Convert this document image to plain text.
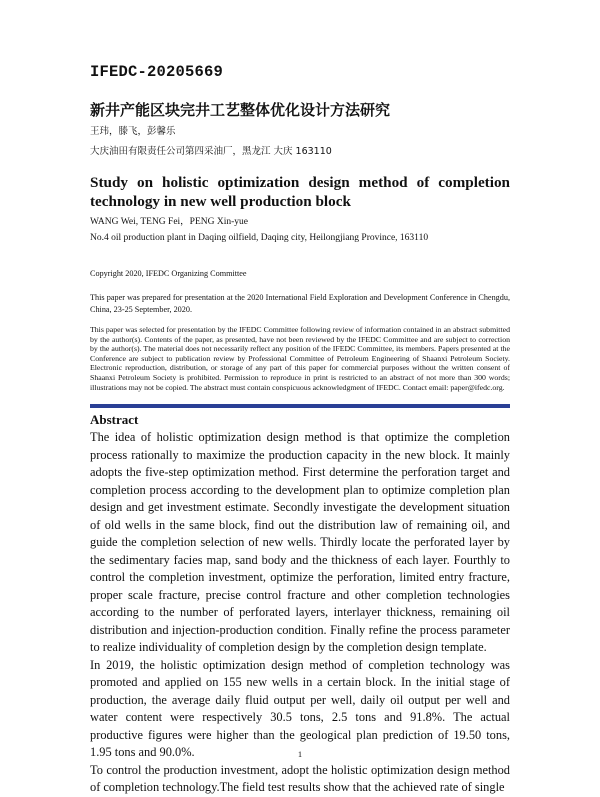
IFEDC-20205669
新井产能区块完井工艺整体优化设计方法研究
王玮，滕飞，彭馨乐
大庆油田有限责任公司第四采油厂，黑龙江 大庆 163110
Study on holistic optimization design method of completion technology in new well production block
WANG Wei, TENG Fei，PENG Xin-yue
No.4 oil production plant in Daqing oilfield, Daqing city, Heilongjiang Province, 163110
Copyright 2020, IFEDC Organizing Committee
This paper was prepared for presentation at the 2020 International Field Exploration and Development Conference in Chengdu, China, 23-25 September, 2020.
This paper was selected for presentation by the IFEDC Committee following review of information contained in an abstract submitted by the author(s). Contents of the paper, as presented, have not been reviewed by the IFEDC Committee and are subject to correction by the author(s). The material does not necessarily reflect any position of the IFEDC Committee, its members. Papers presented at the Conference are subject to publication review by Professional Committee of Petroleum Engineering of Shaanxi Petroleum Society. Electronic reproduction, distribution, or storage of any part of this paper for commercial purposes without the written consent of Shaanxi Petroleum Society is prohibited. Permission to reproduce in print is restricted to an abstract of not more than 300 words; illustrations may not be copied. The abstract must contain conspicuous acknowledgment of IFEDC. Contact email: paper@ifedc.org.
Abstract

The idea of holistic optimization design method is that optimize the completion process rationally to maximize the production capacity in the new block. It mainly adopts the five-step optimization method. First determine the perforation target and completion process according to the development plan to optimize completion plan design and get investment estimate. Secondly investigate the development situation of old wells in the same block, find out the distribution law of remaining oil, and guide the completion selection of new wells. Thirdly locate the perforated layer by the sedimentary facies map, sand body and the thickness of each layer. Fourthly to control the completion investment, optimize the perforation, limited entry fracture, proper scale fracture, precise control fracture and other completion technologies according to the number of perforated layers, interlayer thickness, remaining oil distribution and injection-production condition. Finally refine the process parameter to realize individuality of completion design by the completion design template.

In 2019, the holistic optimization design method of completion technology was promoted and applied on 155 new wells in a certain block. In the initial stage of production, the average daily fluid output per well, daily oil output per well and water content were respectively 30.5 tons, 2.5 tons and 91.8%. The actual productive figures were higher than the geological plan prediction of 19.50 tons, 1.95 tons and 90.0%.

To control the production investment, adopt the holistic optimization design method of completion technology.The field test results show that the achieved rate of single

1
